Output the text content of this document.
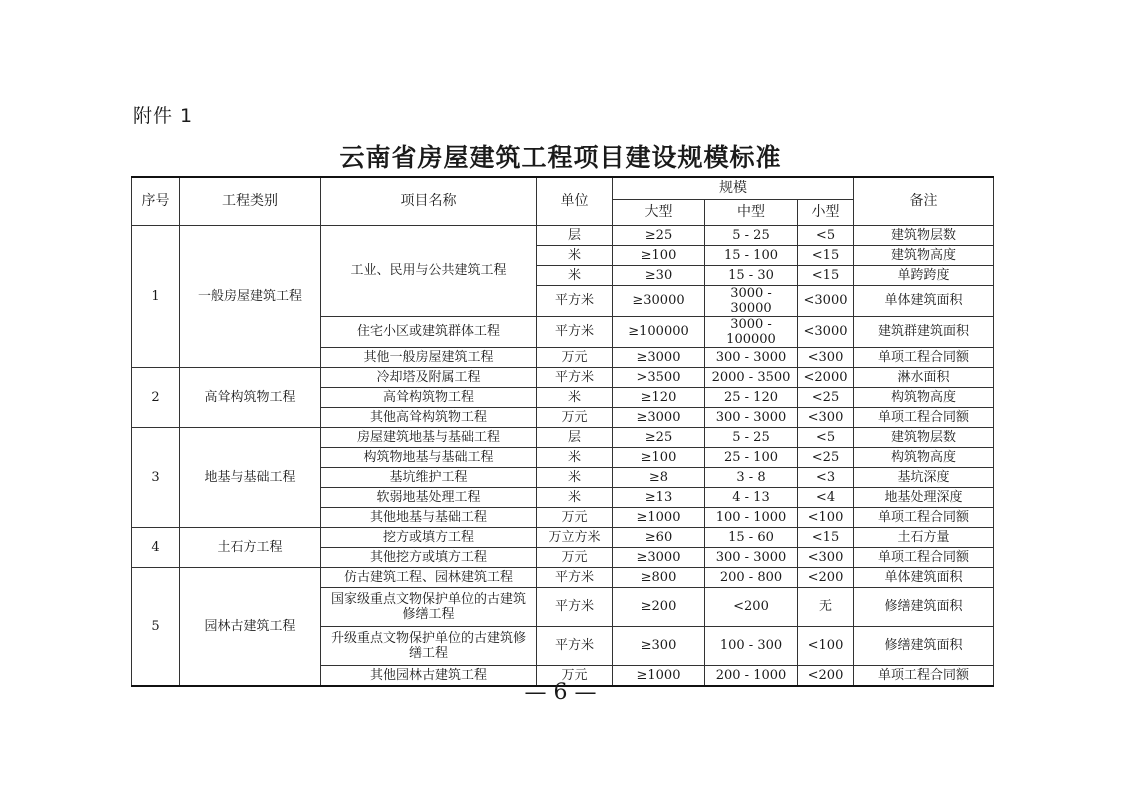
附件 1
云南省房屋建筑工程项目建设规模标准
序号	工程类别	项目名称	单位	规模			备注
				大型	中型	小型	
1	一般房屋建筑工程	工业、民用与公共建筑工程	层	≥25	5 - 25	<5	建筑物层数
			米	≥100	15 - 100	<15	建筑物高度
			米	≥30	15 - 30	<15	单跨跨度
			平方米	≥30000	3000 - 30000	<3000	单体建筑面积
		住宅小区或建筑群体工程	平方米	≥100000	3000 - 100000	<3000	建筑群建筑面积
		其他一般房屋建筑工程	万元	≥3000	300 - 3000	<300	单项工程合同额
2	高耸构筑物工程	冷却塔及附属工程	平方米	>3500	2000 - 3500	<2000	淋水面积
		高耸构筑物工程	米	≥120	25 - 120	<25	构筑物高度
		其他高耸构筑物工程	万元	≥3000	300 - 3000	<300	单项工程合同额
3	地基与基础工程	房屋建筑地基与基础工程	层	≥25	5 - 25	<5	建筑物层数
		构筑物地基与基础工程	米	≥100	25 - 100	<25	构筑物高度
		基坑维护工程	米	≥8	3 - 8	<3	基坑深度
		软弱地基处理工程	米	≥13	4 - 13	<4	地基处理深度
		其他地基与基础工程	万元	≥1000	100 - 1000	<100	单项工程合同额
4	土石方工程	挖方或填方工程	万立方米	≥60	15 - 60	<15	土石方量
		其他挖方或填方工程	万元	≥3000	300 - 3000	<300	单项工程合同额
5	园林古建筑工程	仿古建筑工程、园林建筑工程	平方米	≥800	200 - 800	<200	单体建筑面积
		国家级重点文物保护单位的古建筑修缮工程	平方米	≥200	<200	无	修缮建筑面积
		升级重点文物保护单位的古建筑修缮工程	平方米	≥300	100 - 300	<100	修缮建筑面积
		其他园林古建筑工程	万元	≥1000	200 - 1000	<200	单项工程合同额
— 6 —
